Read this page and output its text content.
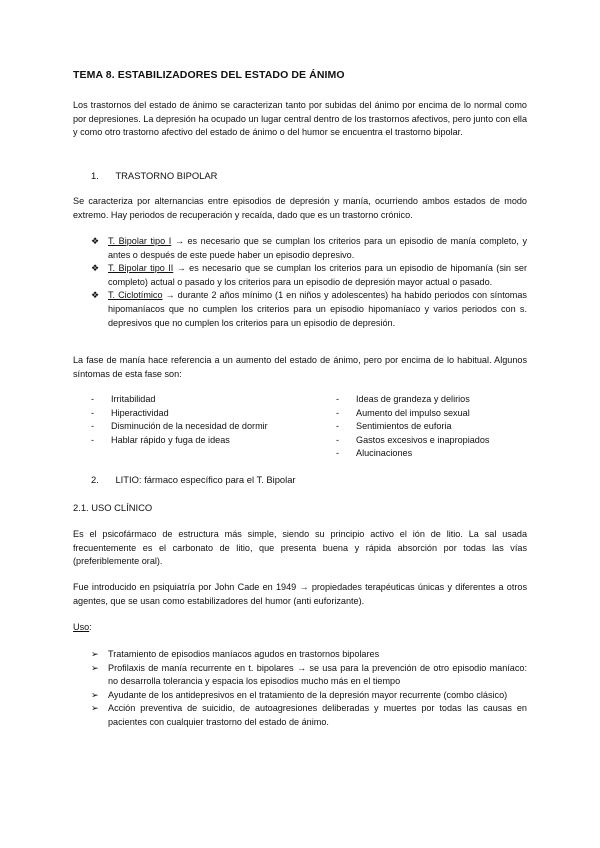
TEMA 8. ESTABILIZADORES DEL ESTADO DE ÁNIMO
Los trastornos del estado de ánimo se caracterizan tanto por subidas del ánimo por encima de lo normal como por depresiones. La depresión ha ocupado un lugar central dentro de los trastornos afectivos, pero junto con ella y como otro trastorno afectivo del estado de ánimo o del humor se encuentra el trastorno bipolar.
1. TRASTORNO BIPOLAR
Se caracteriza por alternancias entre episodios de depresión y manía, ocurriendo ambos estados de modo extremo. Hay periodos de recuperación y recaída, dado que es un trastorno crónico.
❖ T. Bipolar tipo I → es necesario que se cumplan los criterios para un episodio de manía completo, y antes o después de este puede haber un episodio depresivo.
❖ T. Bipolar tipo II → es necesario que se cumplan los criterios para un episodio de hipomanía (sin ser completo) actual o pasado y los criterios para un episodio de depresión mayor actual o pasado.
❖ T. Ciclotímico → durante 2 años mínimo (1 en niños y adolescentes) ha habido periodos con síntomas hipomaníacos que no cumplen los criterios para un episodio hipomaníaco y varios periodos con s. depresivos que no cumplen los criterios para un episodio de depresión.
La fase de manía hace referencia a un aumento del estado de ánimo, pero por encima de lo habitual. Algunos síntomas de esta fase son:
- Irritabilidad
- Hiperactividad
- Disminución de la necesidad de dormir
- Hablar rápido y fuga de ideas
- Ideas de grandeza y delirios
- Aumento del impulso sexual
- Sentimientos de euforia
- Gastos excesivos e inapropiados
- Alucinaciones
2. LITIO: fármaco específico para el T. Bipolar
2.1. USO CLÍNICO
Es el psicofármaco de estructura más simple, siendo su principio activo el ión de litio. La sal usada frecuentemente es el carbonato de litio, que presenta buena y rápida absorción por todas las vías (preferiblemente oral).
Fue introducido en psiquiatría por John Cade en 1949 → propiedades terapéuticas únicas y diferentes a otros agentes, que se usan como estabilizadores del humor (anti euforizante).
Uso:
➢ Tratamiento de episodios maníacos agudos en trastornos bipolares
➢ Profilaxis de manía recurrente en t. bipolares → se usa para la prevención de otro episodio maníaco: no desarrolla tolerancia y espacia los episodios mucho más en el tiempo
➢ Ayudante de los antidepresivos en el tratamiento de la depresión mayor recurrente (combo clásico)
➢ Acción preventiva de suicidio, de autoagresiones deliberadas y muertes por todas las causas en pacientes con cualquier trastorno del estado de ánimo.
